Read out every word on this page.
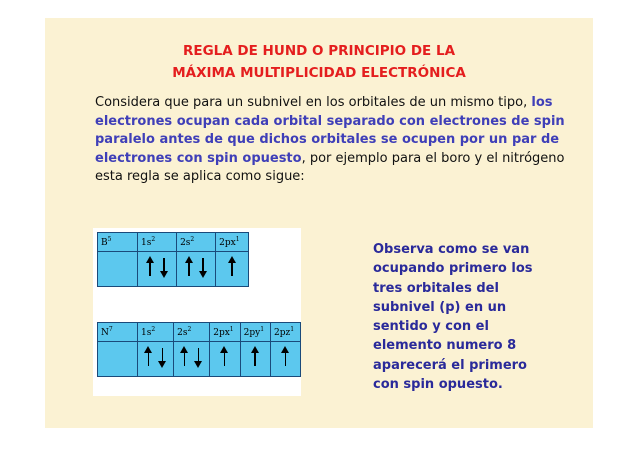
REGLA DE HUND O PRINCIPIO DE LA
MÁXIMA MULTIPLICIDAD ELECTRÓNICA
Considera que para un subnivel en los orbitales de un mismo tipo, los electrones ocupan cada orbital separado con electrones de spin paralelo antes de que dichos orbitales se ocupen por un par de electrones con spin opuesto, por ejemplo para el boro y el nitrógeno esta regla se aplica como sigue:
$B^5$	$1s^2$	$2s^2$	$2px^1$

$N^7$	$1s^2$	$2s^2$	$2px^1$	$2py^1$	$2pz^1$

Observa como se van
ocupando primero los
tres orbitales del
subnivel (p) en un
sentido y con el
elemento numero 8
aparecerá el primero
con spin opuesto.
